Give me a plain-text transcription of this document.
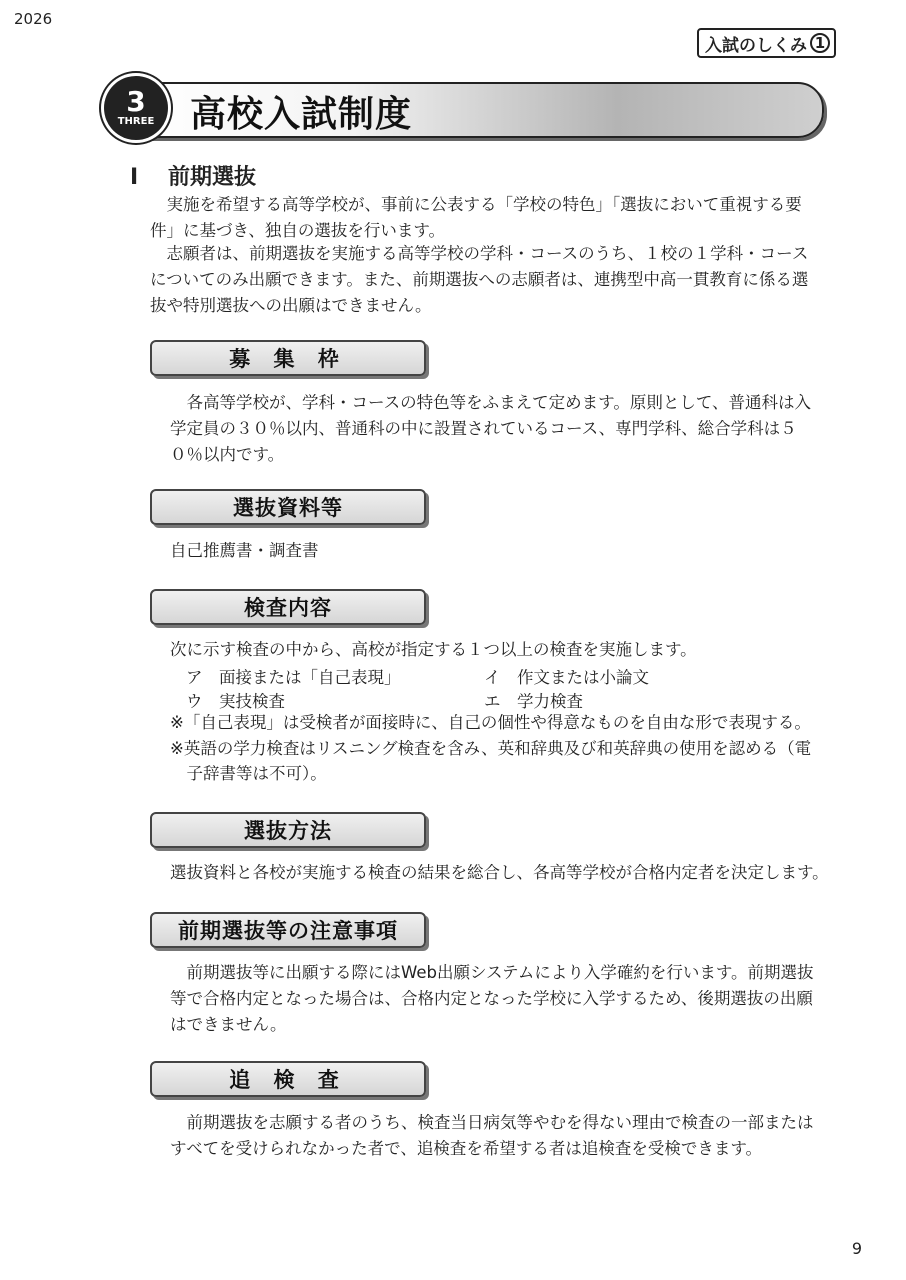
2026
入試のしくみ 1
3
THREE 高校入試制度
Ⅰ 前期選抜

実施を希望する高等学校が、事前に公表する「学校の特色」「選抜において重視する要件」に基づき、独自の選抜を行います。

志願者は、前期選抜を実施する高等学校の学科・コースのうち、１校の１学科・コースについてのみ出願できます。また、前期選抜への志願者は、連携型中高一貫教育に係る選抜や特別選抜への出願はできません。

募 集 枠

各高等学校が、学科・コースの特色等をふまえて定めます。原則として、普通科は入学定員の３０％以内、普通科の中に設置されているコース、専門学科、総合学科は５０％以内です。

選抜資料等

自己推薦書・調査書

検査内容
次に示す検査の中から、高校が指定する１つ以上の検査を実施します。
ア　 面接または「自己表現」	イ　 作文または小論文
ウ　 実技検査	エ　 学力検査

※「自己表現」は受検者が面接時に、自己の個性や得意なものを自由な形で表現する。

※英語の学力検査はリスニング検査を含み、英和辞典及び和英辞典の使用を認める（電子辞書等は不可）。

選抜方法

選抜資料と各校が実施する検査の結果を総合し、各高等学校が合格内定者を決定します。

前期選抜等の注意事項

前期選抜等に出願する際にはWeb出願システムにより入学確約を行います。前期選抜等で合格内定となった場合は、合格内定となった学校に入学するため、後期選抜の出願はできません。

追 検 査

前期選抜を志願する者のうち、検査当日病気等やむを得ない理由で検査の一部またはすべてを受けられなかった者で、追検査を希望する者は追検査を受検できます。

9
